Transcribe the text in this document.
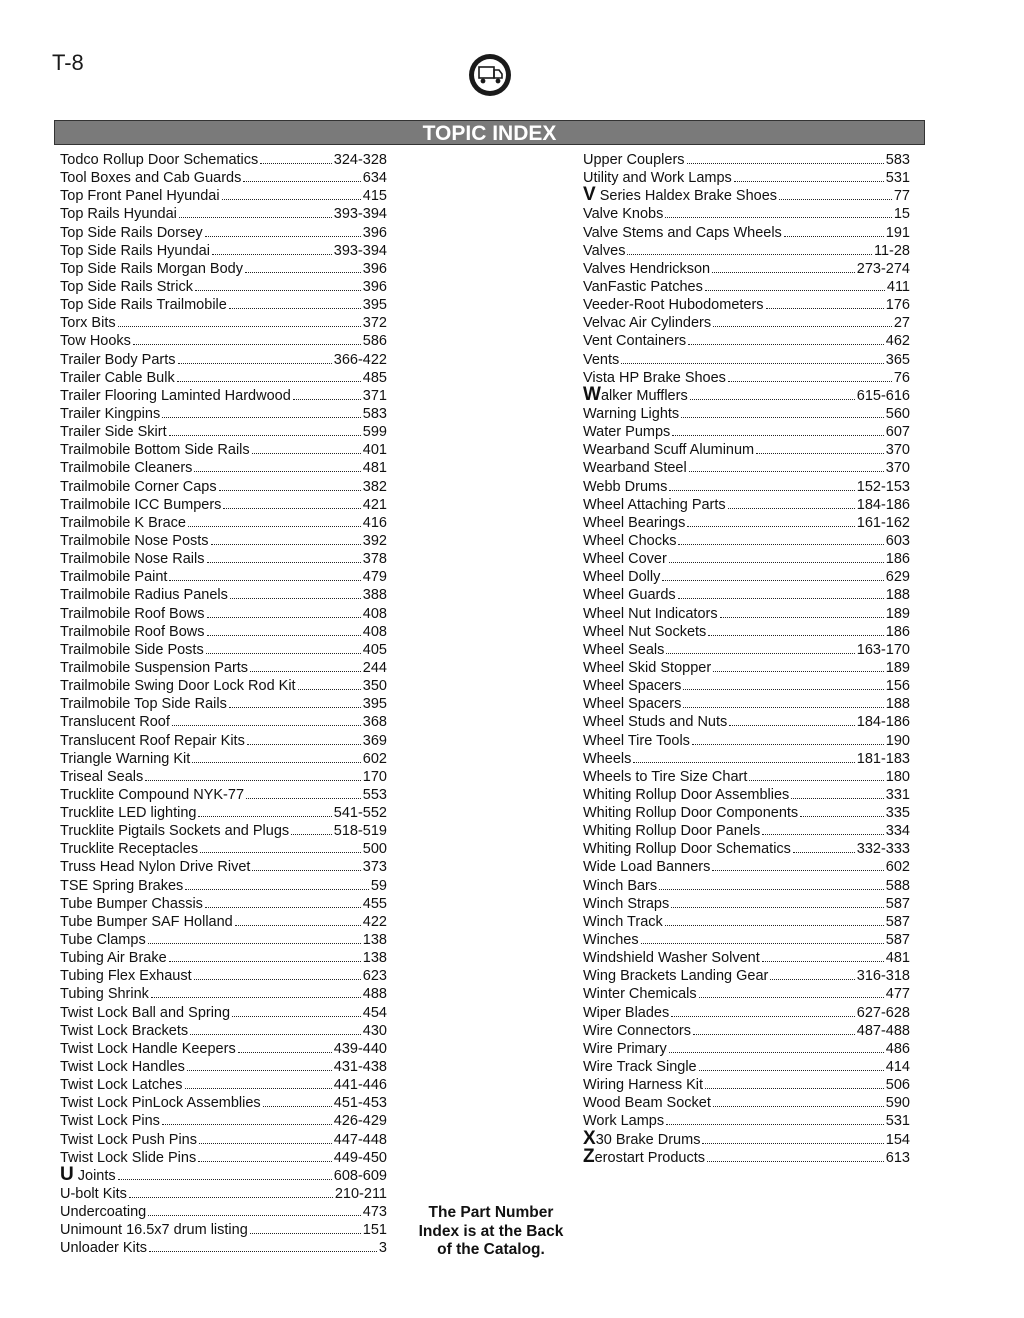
T-8
TOPIC INDEX
Todco Rollup Door Schematics	324-328
Tool Boxes and Cab Guards	634
Top Front Panel Hyundai	415
Top Rails Hyundai	393-394
Top Side Rails Dorsey	396
Top Side Rails Hyundai	393-394
Top Side Rails Morgan Body	396
Top Side Rails Strick	396
Top Side Rails Trailmobile	395
Torx Bits	372
Tow Hooks	586
Trailer Body Parts	366-422
Trailer Cable Bulk	485
Trailer Flooring Laminted Hardwood	371
Trailer Kingpins	583
Trailer Side Skirt	599
Trailmobile Bottom Side Rails	401
Trailmobile Cleaners	481
Trailmobile Corner Caps	382
Trailmobile ICC Bumpers	421
Trailmobile K Brace	416
Trailmobile Nose Posts	392
Trailmobile Nose Rails	378
Trailmobile Paint	479
Trailmobile Radius Panels	388
Trailmobile Roof Bows	408
Trailmobile Roof Bows	408
Trailmobile Side Posts	405
Trailmobile Suspension Parts	244
Trailmobile Swing Door Lock Rod Kit	350
Trailmobile Top Side Rails	395
Translucent Roof	368
Translucent Roof Repair Kits	369
Triangle Warning Kit	602
Triseal Seals	170
Trucklite Compound NYK-77	553
Trucklite LED lighting	541-552
Trucklite Pigtails Sockets and Plugs	518-519
Trucklite Receptacles	500
Truss Head Nylon Drive Rivet	373
TSE Spring Brakes	59
Tube Bumper Chassis	455
Tube Bumper SAF Holland	422
Tube Clamps	138
Tubing Air Brake	138
Tubing Flex Exhaust	623
Tubing Shrink	488
Twist Lock Ball and Spring	454
Twist Lock Brackets	430
Twist Lock Handle Keepers	439-440
Twist Lock Handles	431-438
Twist Lock Latches	441-446
Twist Lock PinLock Assemblies	451-453
Twist Lock Pins	426-429
Twist Lock Push Pins	447-448
Twist Lock Slide Pins	449-450
U Joints	608-609
U-bolt Kits	210-211
Undercoating	473
Unimount 16.5x7 drum listing	151
Unloader Kits	3
Upper Couplers	583
Utility and Work Lamps	531
V Series Haldex Brake Shoes	77
Valve Knobs	15
Valve Stems and Caps Wheels	191
Valves	11-28
Valves Hendrickson	273-274
VanFastic Patches	411
Veeder-Root Hubodometers	176
Velvac Air Cylinders	27
Vent Containers	462
Vents	365
Vista HP Brake Shoes	76
Walker Mufflers	615-616
Warning Lights	560
Water Pumps	607
Wearband Scuff Aluminum	370
Wearband Steel	370
Webb Drums	152-153
Wheel Attaching Parts	184-186
Wheel Bearings	161-162
Wheel Chocks	603
Wheel Cover	186
Wheel Dolly	629
Wheel Guards	188
Wheel Nut Indicators	189
Wheel Nut Sockets	186
Wheel Seals	163-170
Wheel Skid Stopper	189
Wheel Spacers	156
Wheel Spacers	188
Wheel Studs and Nuts	184-186
Wheel Tire Tools	190
Wheels	181-183
Wheels to Tire Size Chart	180
Whiting Rollup Door Assemblies	331
Whiting Rollup Door Components	335
Whiting Rollup Door Panels	334
Whiting Rollup Door Schematics	332-333
Wide Load Banners	602
Winch Bars	588
Winch Straps	587
Winch Track	587
Winches	587
Windshield Washer Solvent	481
Wing Brackets Landing Gear	316-318
Winter Chemicals	477
Wiper Blades	627-628
Wire Connectors	487-488
Wire Primary	486
Wire Track Single	414
Wiring Harness Kit	506
Wood Beam Socket	590
Work Lamps	531
X30 Brake Drums	154
Zerostart Products	613
The Part Number
Index is at the Back
of the Catalog.
